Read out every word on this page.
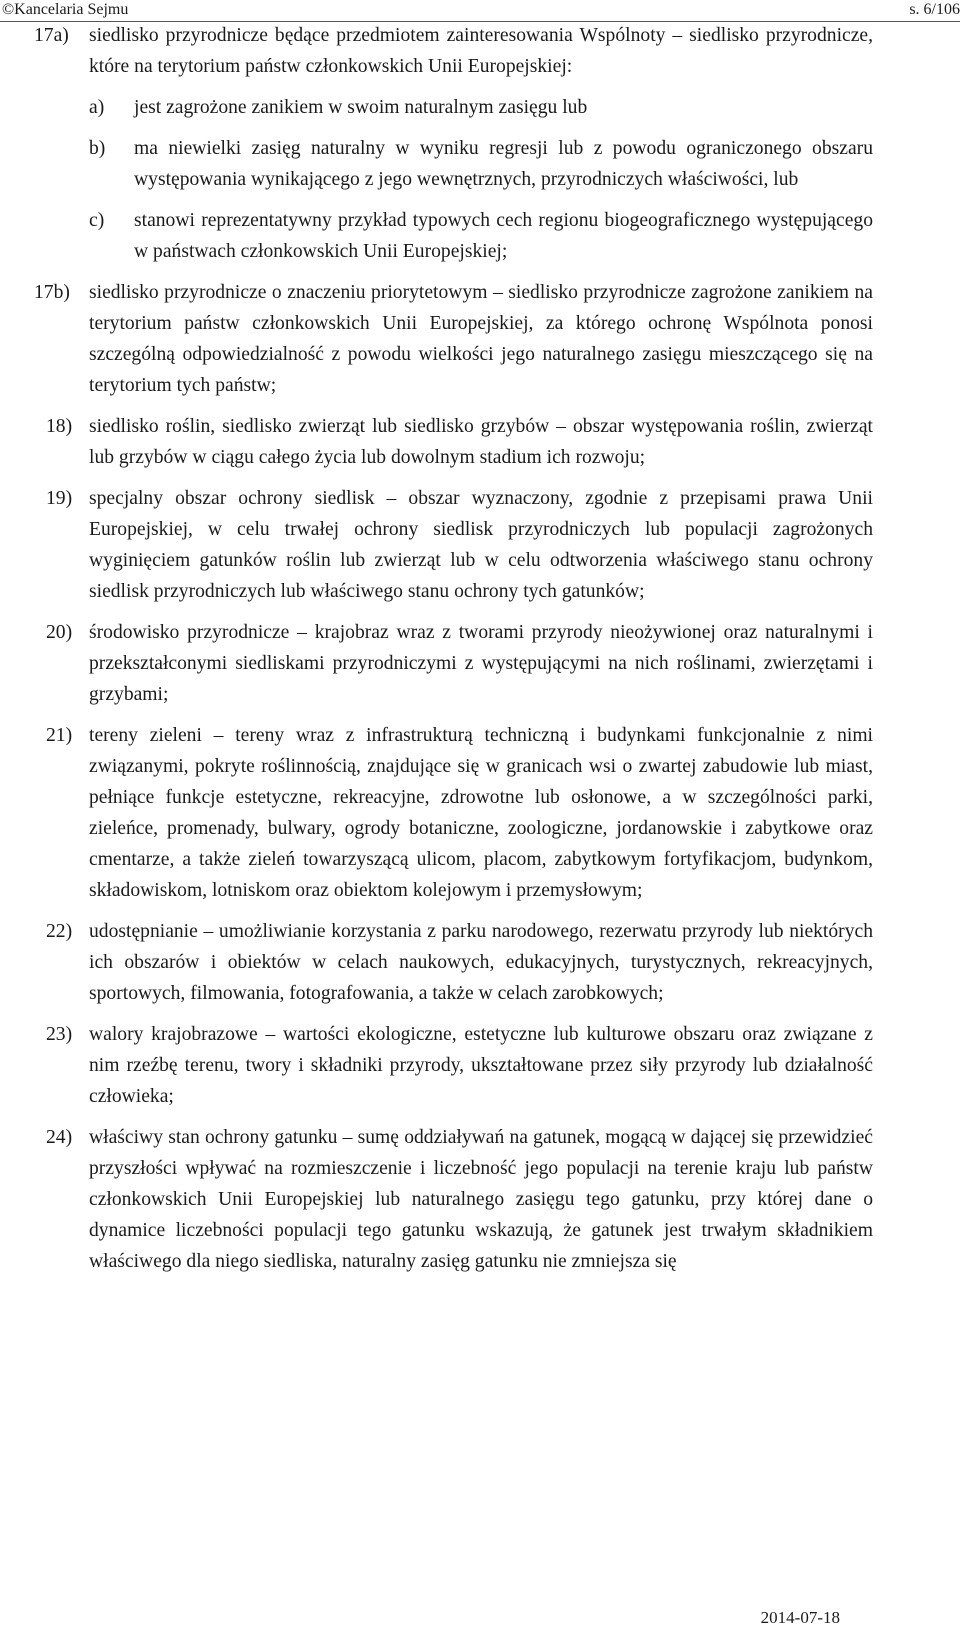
©Kancelaria Sejmu	s. 6/106
17a)	siedlisko przyrodnicze będące przedmiotem zainteresowania Wspólnoty – siedlisko przyrodnicze, które na terytorium państw członkowskich Unii Europejskiej:
a) jest zagrożone zanikiem w swoim naturalnym zasięgu lub
b) ma niewielki zasięg naturalny w wyniku regresji lub z powodu ograniczonego obszaru występowania wynikającego z jego wewnętrznych, przyrodniczych właściwości, lub
c) stanowi reprezentatywny przykład typowych cech regionu biogeograficznego występującego w państwach członkowskich Unii Europejskiej;
17b) siedlisko przyrodnicze o znaczeniu priorytetowym – siedlisko przyrodnicze zagrożone zanikiem na terytorium państw członkowskich Unii Europejskiej, za którego ochronę Wspólnota ponosi szczególną odpowiedzialność z powodu wielkości jego naturalnego zasięgu mieszczącego się na terytorium tych państw;
18) siedlisko roślin, siedlisko zwierząt lub siedlisko grzybów – obszar występowania roślin, zwierząt lub grzybów w ciągu całego życia lub dowolnym stadium ich rozwoju;
19) specjalny obszar ochrony siedlisk – obszar wyznaczony, zgodnie z przepisami prawa Unii Europejskiej, w celu trwałej ochrony siedlisk przyrodniczych lub populacji zagrożonych wyginięciem gatunków roślin lub zwierząt lub w celu odtworzenia właściwego stanu ochrony siedlisk przyrodniczych lub właściwego stanu ochrony tych gatunków;
20) środowisko przyrodnicze – krajobraz wraz z tworami przyrody nieożywionej oraz naturalnymi i przekształconymi siedliskami przyrodniczymi z występującymi na nich roślinami, zwierzętami i grzybami;
21) tereny zieleni – tereny wraz z infrastrukturą techniczną i budynkami funkcjonalnie z nimi związanymi, pokryte roślinnością, znajdujące się w granicach wsi o zwartej zabudowie lub miast, pełniące funkcje estetyczne, rekreacyjne, zdrowotne lub osłonowe, a w szczególności parki, zieleńce, promenady, bulwary, ogrody botaniczne, zoologiczne, jordanowskie i zabytkowe oraz cmentarze, a także zieleń towarzyszącą ulicom, placom, zabytkowym fortyfikacjom, budynkom, składowiskom, lotniskom oraz obiektom kolejowym i przemysłowym;
22) udostępnianie – umożliwianie korzystania z parku narodowego, rezerwatu przyrody lub niektórych ich obszarów i obiektów w celach naukowych, edukacyjnych, turystycznych, rekreacyjnych, sportowych, filmowania, fotografowania, a także w celach zarobkowych;
23) walory krajobrazowe – wartości ekologiczne, estetyczne lub kulturowe obszaru oraz związane z nim rzeźbę terenu, twory i składniki przyrody, ukształtowane przez siły przyrody lub działalność człowieka;
24) właściwy stan ochrony gatunku – sumę oddziaływań na gatunek, mogącą w dającej się przewidzieć przyszłości wpływać na rozmieszczenie i liczebność jego populacji na terenie kraju lub państw członkowskich Unii Europejskiej lub naturalnego zasięgu tego gatunku, przy której dane o dynamice liczebności populacji tego gatunku wskazują, że gatunek jest trwałym składnikiem właściwego dla niego siedliska, naturalny zasięg gatunku nie zmniejsza się
2014-07-18
